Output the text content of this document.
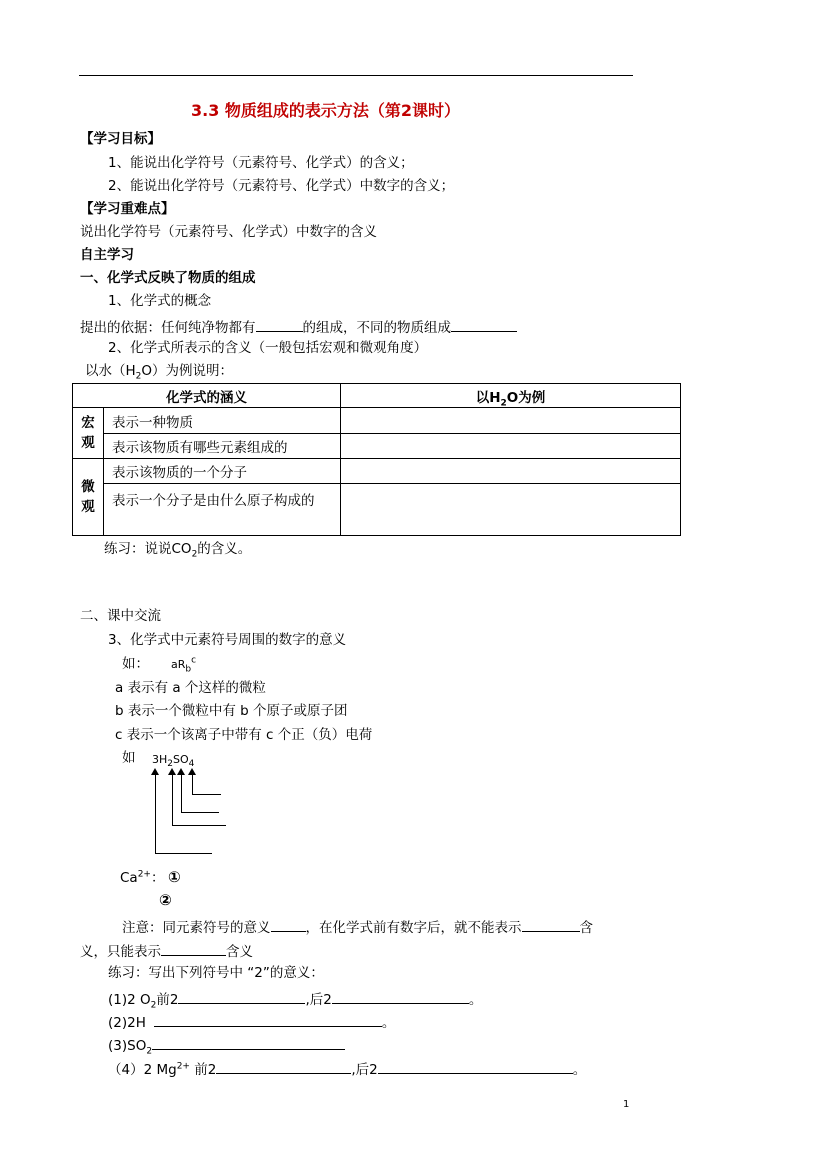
3.3 物质组成的表示方法（第2课时）
【学习目标】
1、能说出化学符号（元素符号、化学式）的含义；
2、能说出化学符号（元素符号、化学式）中数字的含义；
【学习重难点】
说出化学符号（元素符号、化学式）中数字的含义
自主学习
一、化学式反映了物质的组成
1、化学式的概念
提出的依据：任何纯净物都有	的组成，不同的物质组成
2、化学式所表示的含义（一般包括宏观和微观角度）
以水$(H_2O)$为例说明：
化学式的涵义		以$H_2O$为例
宏观	表示一种物质	
	表示该物质有哪些元素组成的	
微观	表示该物质的一个分子	
	表示一个分子是由什么原子构成的	
练习：说说$CO_2$的含义。
二、课中交流
3、化学式中元素符号周围的数字的意义
如： $aR_b^c$
a 表示有 a 个这样的微粒
b 表示一个微粒中有 b 个原子或原子团
c 表示一个该离子中带有 c 个正（负）电荷
如 $3H_2SO_4$
$Ca^{2+}$： ①
②
注意：同元素符号的意义	，在化学式前有数字后，就不能表示	含
义，只能表示	含义
练习：写出下列符号中 “2”的意义：
(1)2 $O_2$前2	,后2	。
(2)2H	。
$(3)SO_2$
（4）2 $Mg^{2+}$ 前2	,后2	。
1
